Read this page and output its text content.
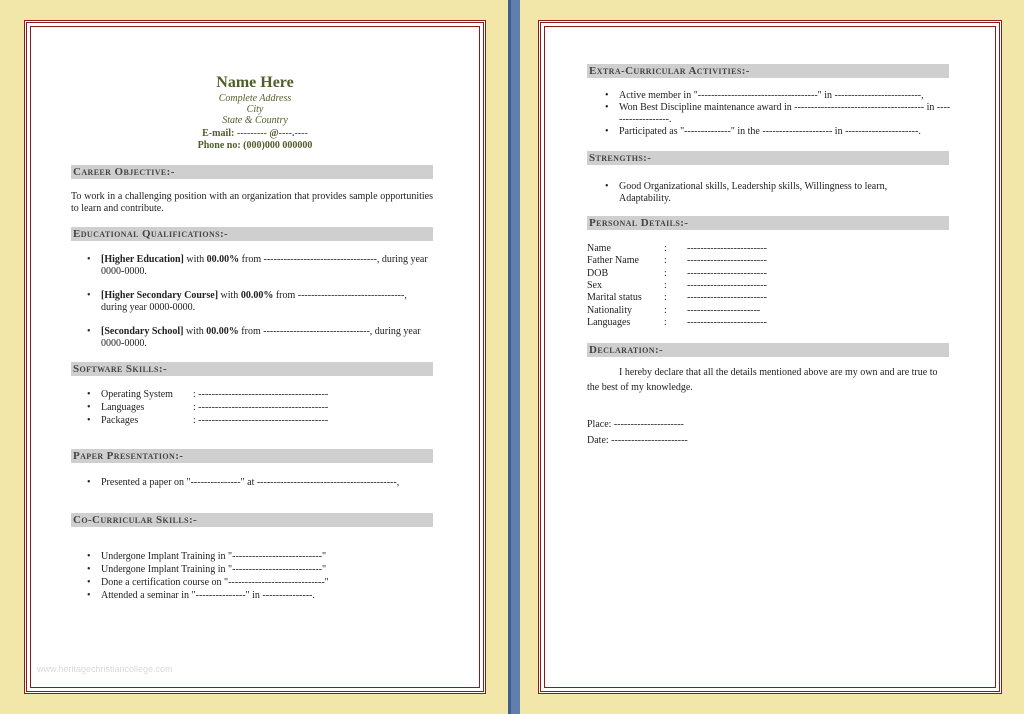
Name Here
Complete Address
City
State & Country
E-mail: --------- @----.----
Phone no: (000)000 000000
Career Objective:-
To work in a challenging position with an organization that provides sample opportunities to learn and contribute.
Educational Qualifications:-
• [Higher Education] with 00.00% from ----------------------------------, during year 0000-0000.
• [Higher Secondary Course] with 00.00% from --------------------------------, during year 0000-0000.
• [Secondary School] with 00.00% from --------------------------------, during year 0000-0000.
Software Skills:-
• Operating System	: ---------------------------------------
• Languages	: ---------------------------------------
• Packages	: ---------------------------------------
Paper Presentation:-
• Presented a paper on "---------------" at ------------------------------------------,
Co-Curricular Skills:-
• Undergone Implant Training in "---------------------------"
• Undergone Implant Training in "---------------------------"
• Done a certification course on "-----------------------------"
• Attended a seminar in "---------------" in ---------------.
www.heritagechristiancollege.com
Extra-Curricular Activities:-
• Active member in "------------------------------------" in --------------------------,
• Won Best Discipline maintenance award in --------------------------------------- in -------------------.
• Participated as "--------------" in the --------------------- in ----------------------.
Strengths:-
• Good Organizational skills, Leadership skills, Willingness to learn, Adaptability.
Personal Details:-
Name	: ------------------------
Father Name	: ------------------------
DOB	: ------------------------
Sex	: ------------------------
Marital status : ------------------------
Nationality	: ----------------------
Languages	: ------------------------
Declaration:-
I hereby declare that all the details mentioned above are my own and are true to the best of my knowledge.
Place: ---------------------
Date: -----------------------
